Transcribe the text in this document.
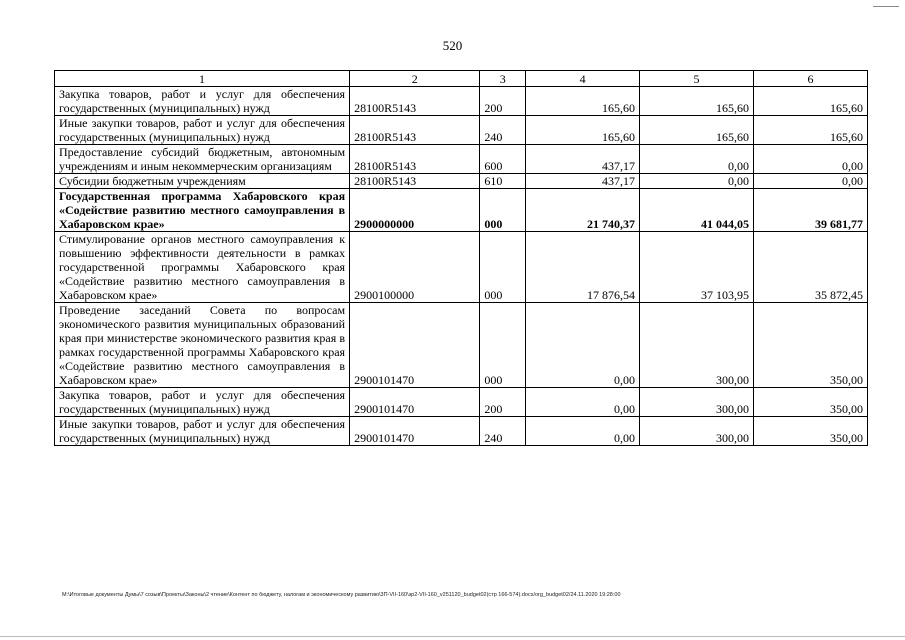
520
1	2	3	4	5	6
Закупка товаров, работ и услуг для обеспечения государственных (муниципальных) нужд	28100R5143	200	165,60	165,60	165,60
Иные закупки товаров, работ и услуг для обеспечения государственных (муниципальных) нужд	28100R5143	240	165,60	165,60	165,60
Предоставление субсидий бюджетным, автономным учреждениям и иным некоммерческим организациям	28100R5143	600	437,17	0,00	0,00
Субсидии бюджетным учреждениям	28100R5143	610	437,17	0,00	0,00
Государственная программа Хабаровского края «Содействие развитию местного самоуправления в Хабаровском крае»	2900000000	000	21 740,37	41 044,05	39 681,77
Стимулирование органов местного самоуправления к повышению эффективности деятельности в рамках государственной программы Хабаровского края «Содействие развитию местного самоуправления в Хабаровском крае»	2900100000	000	17 876,54	37 103,95	35 872,45
Проведение заседаний Совета по вопросам экономического развития муниципальных образований края при министерстве экономического развития края в рамках государственной программы Хабаровского края «Содействие развитию местного самоуправления в Хабаровском крае»	2900101470	000	0,00	300,00	350,00
Закупка товаров, работ и услуг для обеспечения государственных (муниципальных) нужд	2900101470	200	0,00	300,00	350,00
Иные закупки товаров, работ и услуг для обеспечения государственных (муниципальных) нужд	2900101470	240	0,00	300,00	350,00
M:\Итоговые документы Думы\7 созыв\Проекты\Законы\2 чтение\Контент по бюджету, налогам и экономическому развитию\3П-VII-160\зр2-VII-160_v251120_budget02(стр 166-574).docx/org_budget02/24.11.2020 19:28:00
